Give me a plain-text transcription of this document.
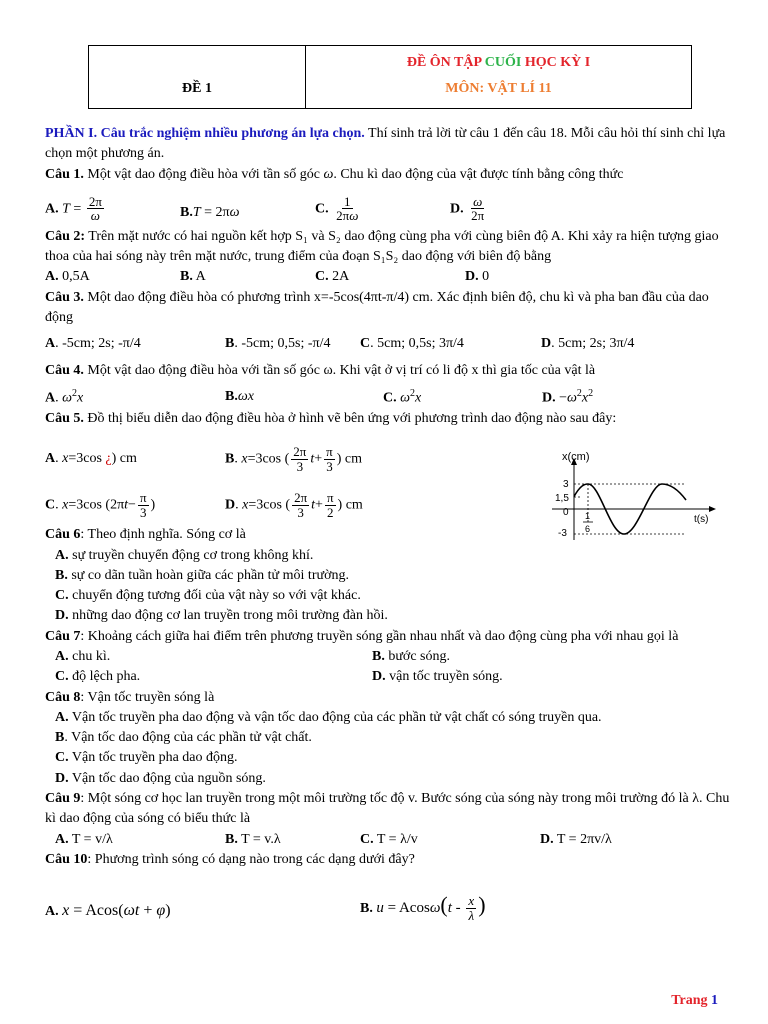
ĐỀ 1
ĐỀ ÔN TẬP CUỐI HỌC KỲ I
MÔN: VẬT LÍ 11
PHẦN I. Câu trắc nghiệm nhiều phương án lựa chọn. Thí sinh trả lời từ câu 1 đến câu 18. Mỗi câu hỏi thí sinh chỉ lựa chọn một phương án.
Câu 1. Một vật dao động điều hòa với tần số góc ω. Chu kì dao động của vật được tính bằng công thức
A. $T = \frac{2\pi}{\omega}$	B.T = 2πω	C. $\frac{1}{2\pi\omega}$	D. $\frac{\omega}{2\pi}$
Câu 2: Trên mặt nước có hai nguồn kết hợp S₁ và S₂ dao động cùng pha với cùng biên độ A. Khi xảy ra hiện tượng giao thoa của hai sóng này trên mặt nước, trung điểm của đoạn S₁S₂ dao động với biên độ bằng
A. 0,5A	B. A	C. 2A	D. 0
Câu 3. Một dao động điều hòa có phương trình x=-5cos(4πt-π/4) cm. Xác định biên độ, chu kì và pha ban đầu của dao động
A. -5cm; 2s; -π/4	B. -5cm; 0,5s; -π/4	C. 5cm; 0,5s; 3π/4	D. 5cm; 2s; 3π/4
Câu 4. Một vật dao động điều hòa với tần số góc ω. Khi vật ở vị trí có li độ x thì gia tốc của vật là
A. $\omega^2x$	B.ωx	C. $\omega^2x$	D. $-\omega^2x^2$
Câu 5. Đồ thị biểu diễn dao động điều hòa ở hình vẽ bên ứng với phương trình dao động nào sau đây:
A. x=3cos ¿) cm	B. x=3cos ( $\frac{2\pi}{3} t+ \frac{\pi}{3}$ ) cm
C. x=3cos ($2\pi t- \frac{\pi}{3}$ )	D. x=3cos ( $\frac{2\pi}{3} t+ \frac{\pi}{2}$ ) cm
Câu 6: Theo định nghĩa. Sóng cơ là
A. sự truyền chuyển động cơ trong không khí.
B. sự co dãn tuần hoàn giữa các phần tử môi trường.
C. chuyển động tương đối của vật này so với vật khác.
D. những dao động cơ lan truyền trong môi trường đàn hồi.
Câu 7: Khoảng cách giữa hai điểm trên phương truyền sóng gần nhau nhất và dao động cùng pha với nhau gọi là
A. chu kì.	B. bước sóng.
C. độ lệch pha.	D. vận tốc truyền sóng.
Câu 8: Vận tốc truyền sóng là
A. Vận tốc truyền pha dao động và vận tốc dao động của các phần tử vật chất có sóng truyền qua.
B. Vận tốc dao động của các phần tử vật chất.
C. Vận tốc truyền pha dao động.
D. Vận tốc dao động của nguồn sóng.
Câu 9: Một sóng cơ học lan truyền trong một môi trường tốc độ v. Bước sóng của sóng này trong môi trường đó là λ. Chu kì dao động của sóng có biểu thức là
A. T = v/λ	B. T = v.λ	C. T = λ/v	D. T = 2πv/λ
Câu 10: Phương trình sóng có dạng nào trong các dạng dưới đây?
A. x = Acos(ωt + φ)	B. $u = Acos\omega(t - \frac{x}{\lambda}$ )
x(cm)
t(s)
3
1,5
0
-3
1
6
Trang 1
